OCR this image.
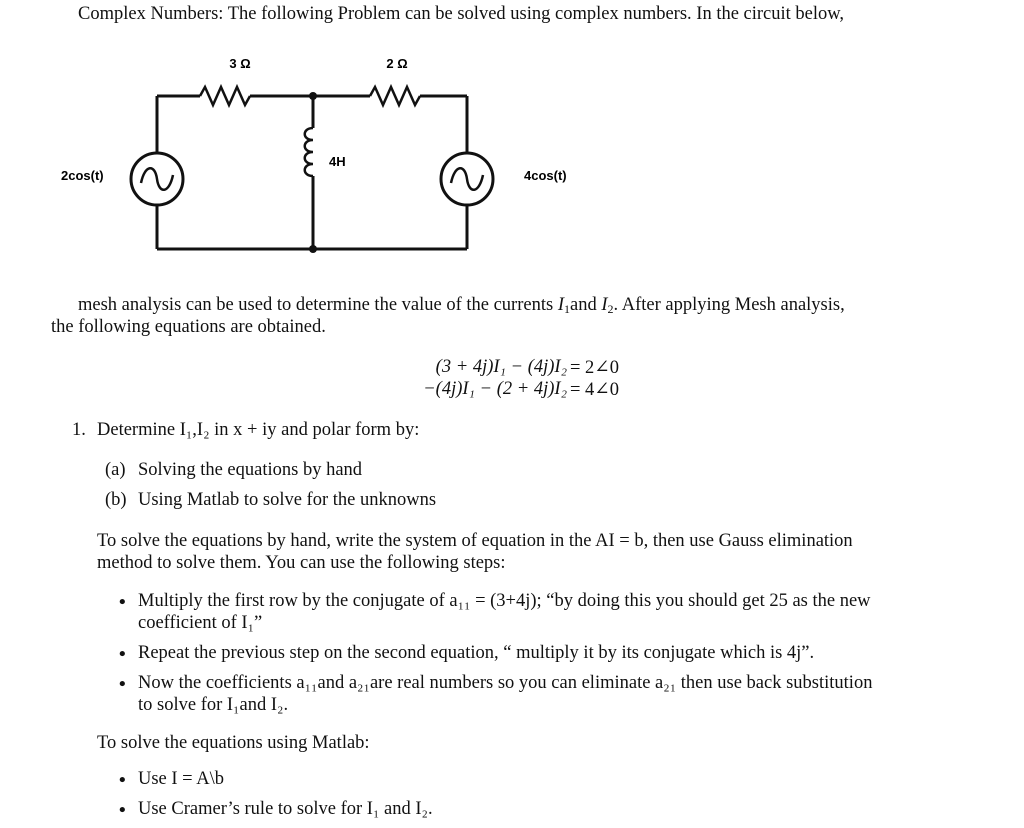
Complex Numbers: The following Problem can be solved using complex numbers. In the circuit below,
3 Ω	2 Ω
4H
2cos(t)	4cos(t)
mesh analysis can be used to determine the value of the currents $I_1and$ $I_2$. After applying Mesh analysis,
the following equations are obtained.
(3 + 4j)I₁ − (4j)I₂ = 2∠0
−(4j)I₁ − (2 + 4j)I₂ = 4∠0
1. Determine I₁,I₂ in x + iy and polar form by:
(a) Solving the equations by hand
(b) Using Matlab to solve for the unknowns
To solve the equations by hand, write the system of equation in the AI = b, then use Gauss elimination
method to solve them. You can use the following steps:
• Multiply the first row by the conjugate of a₁₁ = (3+4j); “by doing this you should get 25 as the new
coefficient of I₁”
• Repeat the previous step on the second equation, “ multiply it by its conjugate which is 4j”.
• Now the coefficients a₁₁and a₂₁are real numbers so you can eliminate a₂₁ then use back substitution
to solve for I₁and I₂.
To solve the equations using Matlab:
• Use I = A\b
• Use Cramer’s rule to solve for I₁ and I₂.
